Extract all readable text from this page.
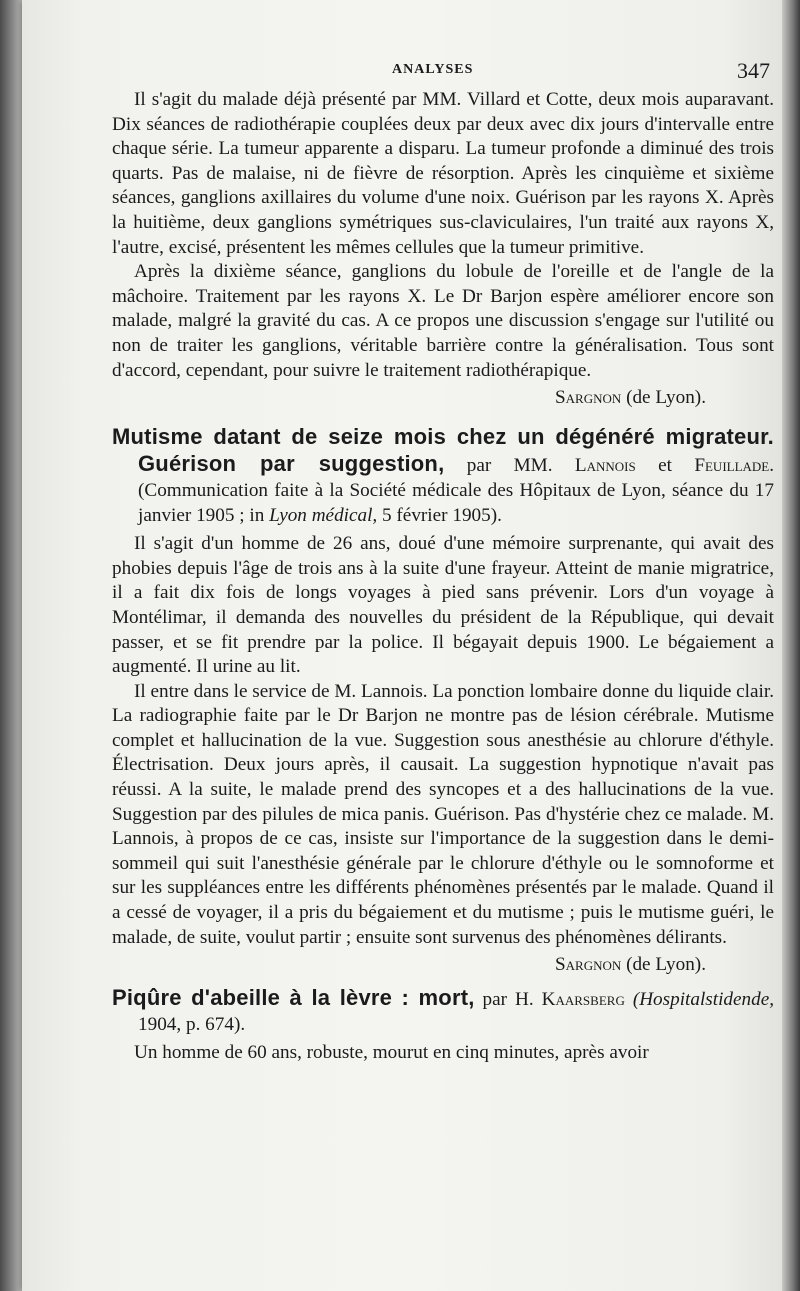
ANALYSES	347

Il s'agit du malade déjà présenté par MM. Villard et Cotte, deux mois auparavant. Dix séances de radiothérapie couplées deux par deux avec dix jours d'intervalle entre chaque série. La tumeur apparente a disparu. La tumeur profonde a diminué des trois quarts. Pas de malaise, ni de fièvre de résorption. Après les cinquième et sixième séances, ganglions axillaires du volume d'une noix. Guérison par les rayons X. Après la huitième, deux ganglions symétriques sus-claviculaires, l'un traité aux rayons X, l'autre, excisé, présentent les mêmes cellules que la tumeur primitive.

Après la dixième séance, ganglions du lobule de l'oreille et de l'angle de la mâchoire. Traitement par les rayons X. Le Dr Barjon espère améliorer encore son malade, malgré la gravité du cas. A ce propos une discussion s'engage sur l'utilité ou non de traiter les ganglions, véritable barrière contre la généralisation. Tous sont d'accord, cependant, pour suivre le traitement radiothérapique.

Sargnon (de Lyon).

Mutisme datant de seize mois chez un dégénéré migrateur. Guérison par suggestion, par MM. Lannois et Feuillade. (Communication faite à la Société médicale des Hôpitaux de Lyon, séance du 17 janvier 1905 ; in Lyon médical, 5 février 1905).

Il s'agit d'un homme de 26 ans, doué d'une mémoire surprenante, qui avait des phobies depuis l'âge de trois ans à la suite d'une frayeur. Atteint de manie migratrice, il a fait dix fois de longs voyages à pied sans prévenir. Lors d'un voyage à Montélimar, il demanda des nouvelles du président de la République, qui devait passer, et se fit prendre par la police. Il bégayait depuis 1900. Le bégaiement a augmenté. Il urine au lit.

Il entre dans le service de M. Lannois. La ponction lombaire donne du liquide clair. La radiographie faite par le Dr Barjon ne montre pas de lésion cérébrale. Mutisme complet et hallucination de la vue. Suggestion sous anesthésie au chlorure d'éthyle. Électrisation. Deux jours après, il causait. La suggestion hypnotique n'avait pas réussi. A la suite, le malade prend des syncopes et a des hallucinations de la vue. Suggestion par des pilules de mica panis. Guérison. Pas d'hystérie chez ce malade. M. Lannois, à propos de ce cas, insiste sur l'importance de la suggestion dans le demi-sommeil qui suit l'anesthésie générale par le chlorure d'éthyle ou le somnoforme et sur les suppléances entre les différents phénomènes présentés par le malade. Quand il a cessé de voyager, il a pris du bégaiement et du mutisme ; puis le mutisme guéri, le malade, de suite, voulut partir ; ensuite sont survenus des phénomènes délirants.

Sargnon (de Lyon).

Piqûre d'abeille à la lèvre : mort, par H. Kaarsberg (Hospitalstidende, 1904, p. 674).

Un homme de 60 ans, robuste, mourut en cinq minutes, après avoir
